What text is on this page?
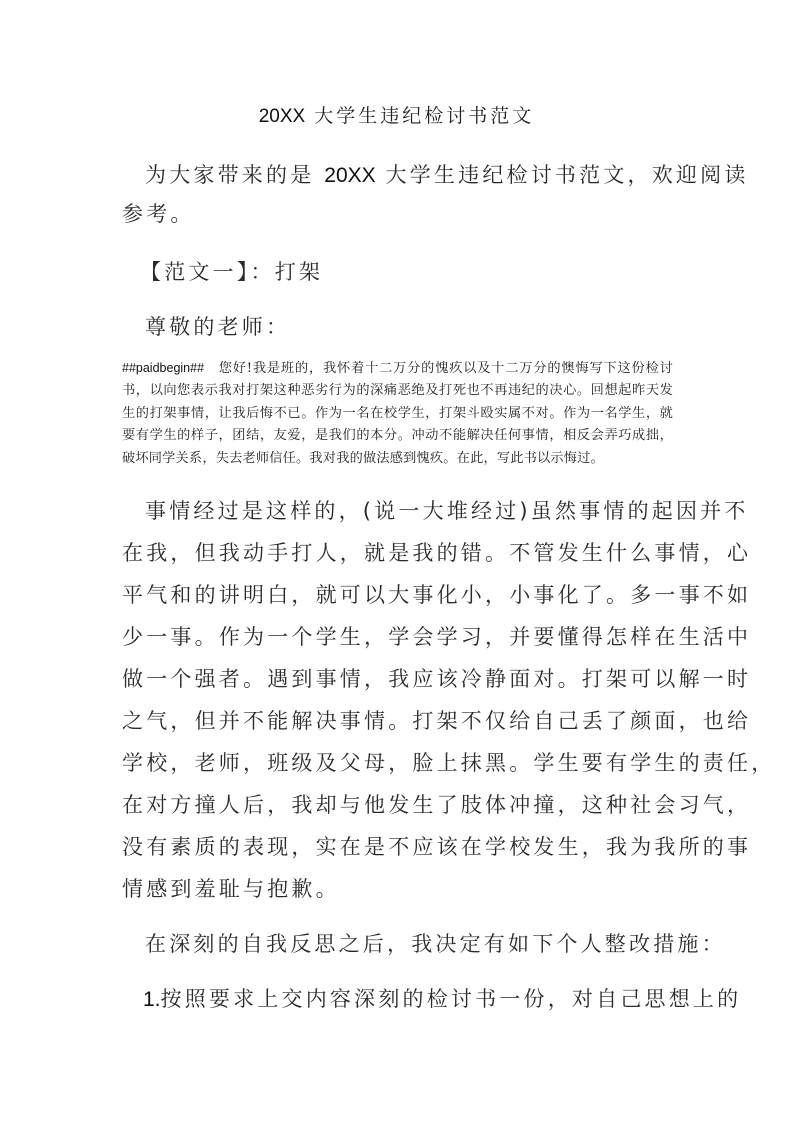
20XX 大学生违纪检讨书范文

为大家带来的是 20XX 大学生违纪检讨书范文，欢迎阅读

参考。

【范文一】：打架

尊敬的老师：

##paidbegin##　您好!我是班的，我怀着十二万分的愧疚以及十二万分的懊悔写下这份检讨

书，以向您表示我对打架这种恶劣行为的深痛恶绝及打死也不再违纪的决心。回想起昨天发

生的打架事情，让我后悔不已。作为一名在校学生，打架斗殴实属不对。作为一名学生，就

要有学生的样子，团结，友爱，是我们的本分。冲动不能解决任何事情，相反会弄巧成拙，

破坏同学关系，失去老师信任。我对我的做法感到愧疚。在此，写此书以示悔过。

事情经过是这样的，(说一大堆经过)虽然事情的起因并不

在我，但我动手打人，就是我的错。不管发生什么事情，心

平气和的讲明白，就可以大事化小，小事化了。多一事不如

少一事。作为一个学生，学会学习，并要懂得怎样在生活中

做一个强者。遇到事情，我应该冷静面对。打架可以解一时

之气，但并不能解决事情。打架不仅给自己丢了颜面，也给

学校，老师，班级及父母，脸上抹黑。学生要有学生的责任，

在对方撞人后，我却与他发生了肢体冲撞，这种社会习气，

没有素质的表现，实在是不应该在学校发生，我为我所的事

情感到羞耻与抱歉。

在深刻的自我反思之后，我决定有如下个人整改措施：

1.按照要求上交内容深刻的检讨书一份，对自己思想上的
